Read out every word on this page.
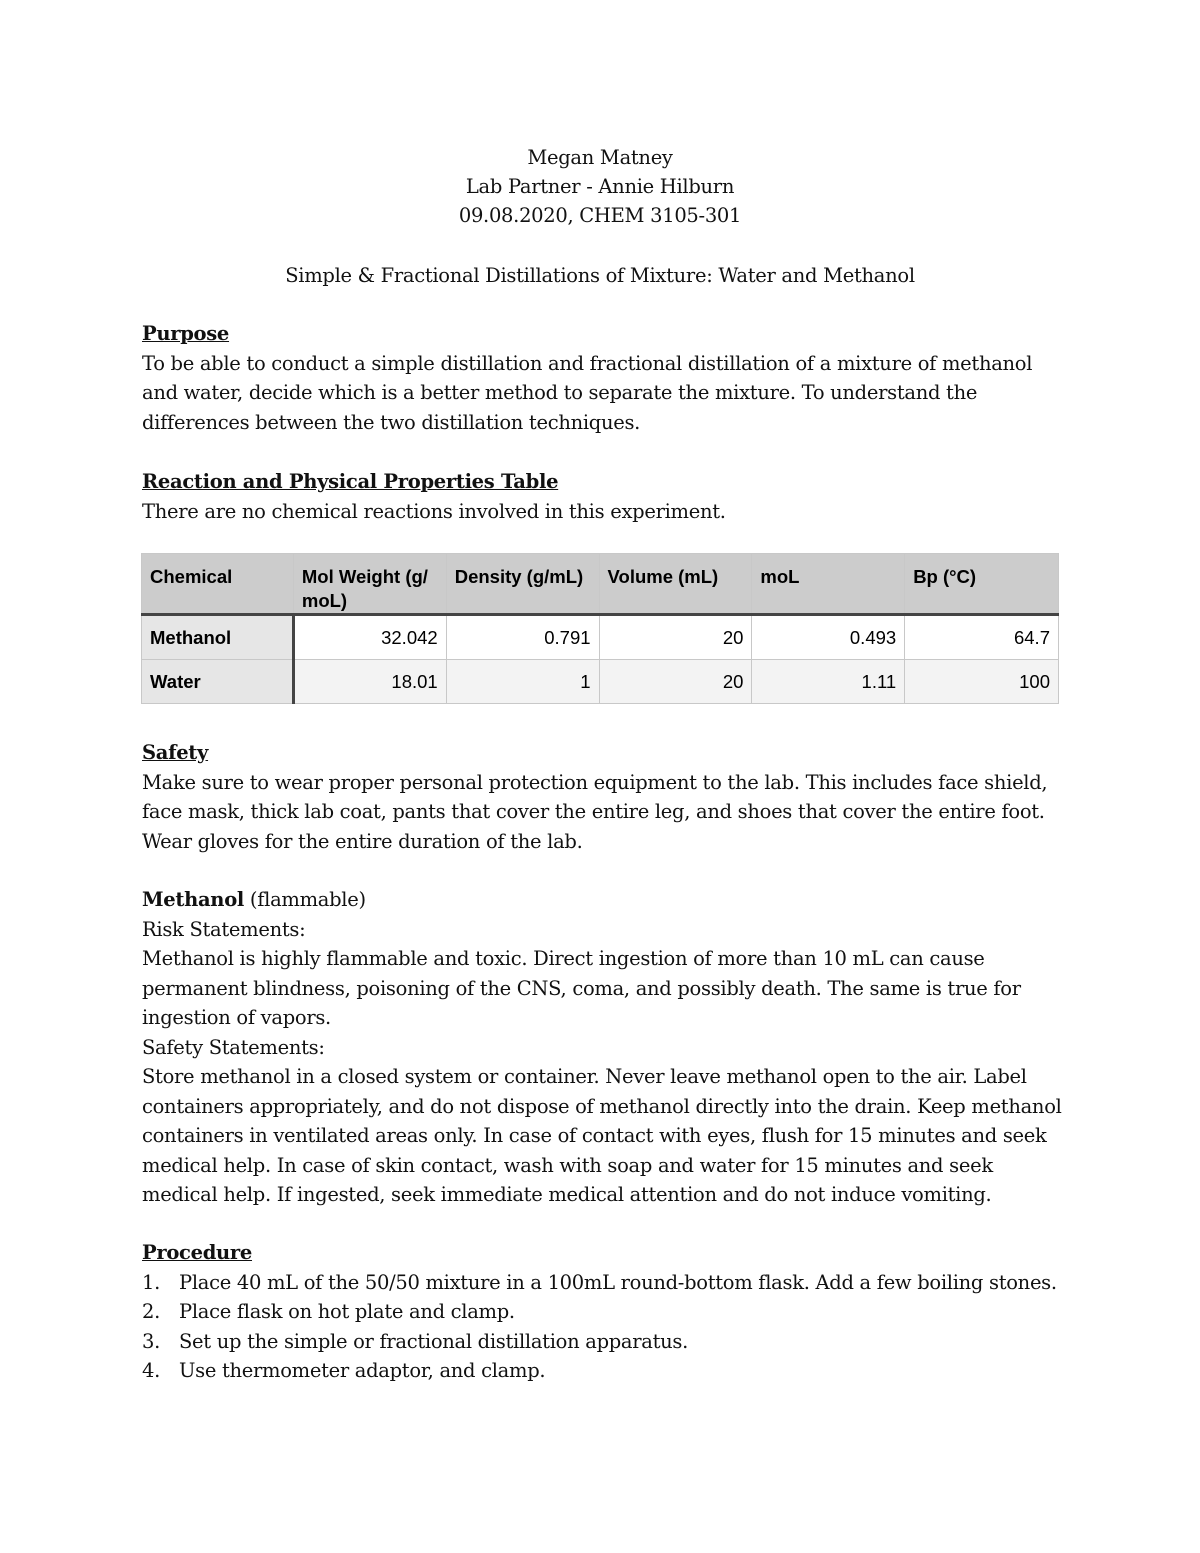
Megan Matney
Lab Partner - Annie Hilburn
09.08.2020, CHEM 3105-301
Simple & Fractional Distillations of Mixture: Water and Methanol
Purpose
To be able to conduct a simple distillation and fractional distillation of a mixture of methanol and water, decide which is a better method to separate the mixture. To understand the differences between the two distillation techniques.
Reaction and Physical Properties Table
There are no chemical reactions involved in this experiment.
Chemical	Mol Weight (g/ moL)	Density (g/mL)	Volume (mL)	moL	Bp (°C)
Methanol	32.042	0.791	20	0.493	64.7
Water	18.01	1	20	1.11	100
Safety
Make sure to wear proper personal protection equipment to the lab. This includes face shield, face mask, thick lab coat, pants that cover the entire leg, and shoes that cover the entire foot. Wear gloves for the entire duration of the lab.
Methanol (flammable)
Risk Statements:
Methanol is highly flammable and toxic. Direct ingestion of more than 10 mL can cause permanent blindness, poisoning of the CNS, coma, and possibly death. The same is true for ingestion of vapors.
Safety Statements:
Store methanol in a closed system or container. Never leave methanol open to the air. Label containers appropriately, and do not dispose of methanol directly into the drain. Keep methanol containers in ventilated areas only. In case of contact with eyes, flush for 15 minutes and seek medical help. In case of skin contact, wash with soap and water for 15 minutes and seek medical help. If ingested, seek immediate medical attention and do not induce vomiting.
Procedure
1. Place 40 mL of the 50/50 mixture in a 100mL round-bottom flask. Add a few boiling stones.
2. Place flask on hot plate and clamp.
3. Set up the simple or fractional distillation apparatus.
4. Use thermometer adaptor, and clamp.
